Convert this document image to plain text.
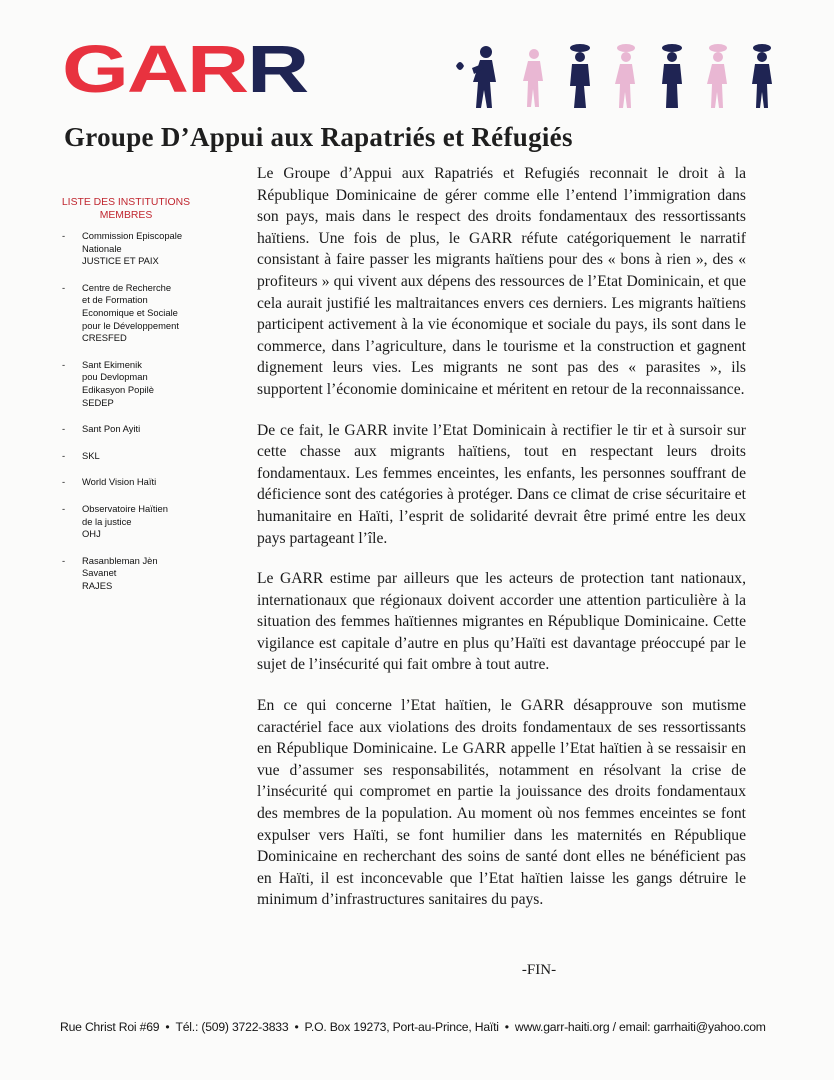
GARR
Groupe D’Appui aux Rapatriés et Réfugiés
LISTE DES INSTITUTIONS
MEMBRES
- Commission Episcopale
Nationale
JUSTICE ET PAIX
- Centre de Recherche
et de Formation
Economique et Sociale
pour le Développement
CRESFED
- Sant Ekimenik
pou Devlopman
Edikasyon Popilè
SEDEP
- Sant Pon Ayiti
- SKL
- World Vision Haïti
- Observatoire Haïtien
de la justice
OHJ
- Rasanbleman Jèn
Savanet
RAJES

Le Groupe d’Appui aux Rapatriés et Refugiés reconnait le droit à la République Dominicaine de gérer comme elle l’entend l’immigration dans son pays, mais dans le respect des droits fondamentaux des ressortissants haïtiens. Une fois de plus, le GARR réfute catégoriquement le narratif consistant à faire passer les migrants haïtiens pour des « bons à rien », des « profiteurs » qui vivent aux dépens des ressources de l’Etat Dominicain, et que cela aurait justifié les maltraitances envers ces derniers. Les migrants haïtiens participent activement à la vie économique et sociale du pays, ils sont dans le commerce, dans l’agriculture, dans le tourisme et la construction et gagnent dignement leurs vies. Les migrants ne sont pas des « parasites », ils supportent l’économie dominicaine et méritent en retour de la reconnaissance.

De ce fait, le GARR invite l’Etat Dominicain à rectifier le tir et à sursoir sur cette chasse aux migrants haïtiens, tout en respectant leurs droits fondamentaux. Les femmes enceintes, les enfants, les personnes souffrant de déficience sont des catégories à protéger. Dans ce climat de crise sécuritaire et humanitaire en Haïti, l’esprit de solidarité devrait être primé entre les deux pays partageant l’île.

Le GARR estime par ailleurs que les acteurs de protection tant nationaux, internationaux que régionaux doivent accorder une attention particulière à la situation des femmes haïtiennes migrantes en République Dominicaine. Cette vigilance est capitale d’autre en plus qu’Haïti est davantage préoccupé par le sujet de l’insécurité qui fait ombre à tout autre.

En ce qui concerne l’Etat haïtien, le GARR désapprouve son mutisme caractériel face aux violations des droits fondamentaux de ses ressortissants en République Dominicaine. Le GARR appelle l’Etat haïtien à se ressaisir en vue d’assumer ses responsabilités, notamment en résolvant la crise de l’insécurité qui compromet en partie la jouissance des droits fondamentaux des membres de la population. Au moment où nos femmes enceintes se font expulser vers Haïti, se font humilier dans les maternités en République Dominicaine en recherchant des soins de santé dont elles ne bénéficient pas en Haïti, il est inconcevable que l’Etat haïtien laisse les gangs détruire le minimum d’infrastructures sanitaires du pays.

-FIN-
Rue Christ Roi #69 • Tél.: (509) 3722-3833 • P.O. Box 19273, Port-au-Prince, Haïti • www.garr-haiti.org / email: garrhaiti@yahoo.com
